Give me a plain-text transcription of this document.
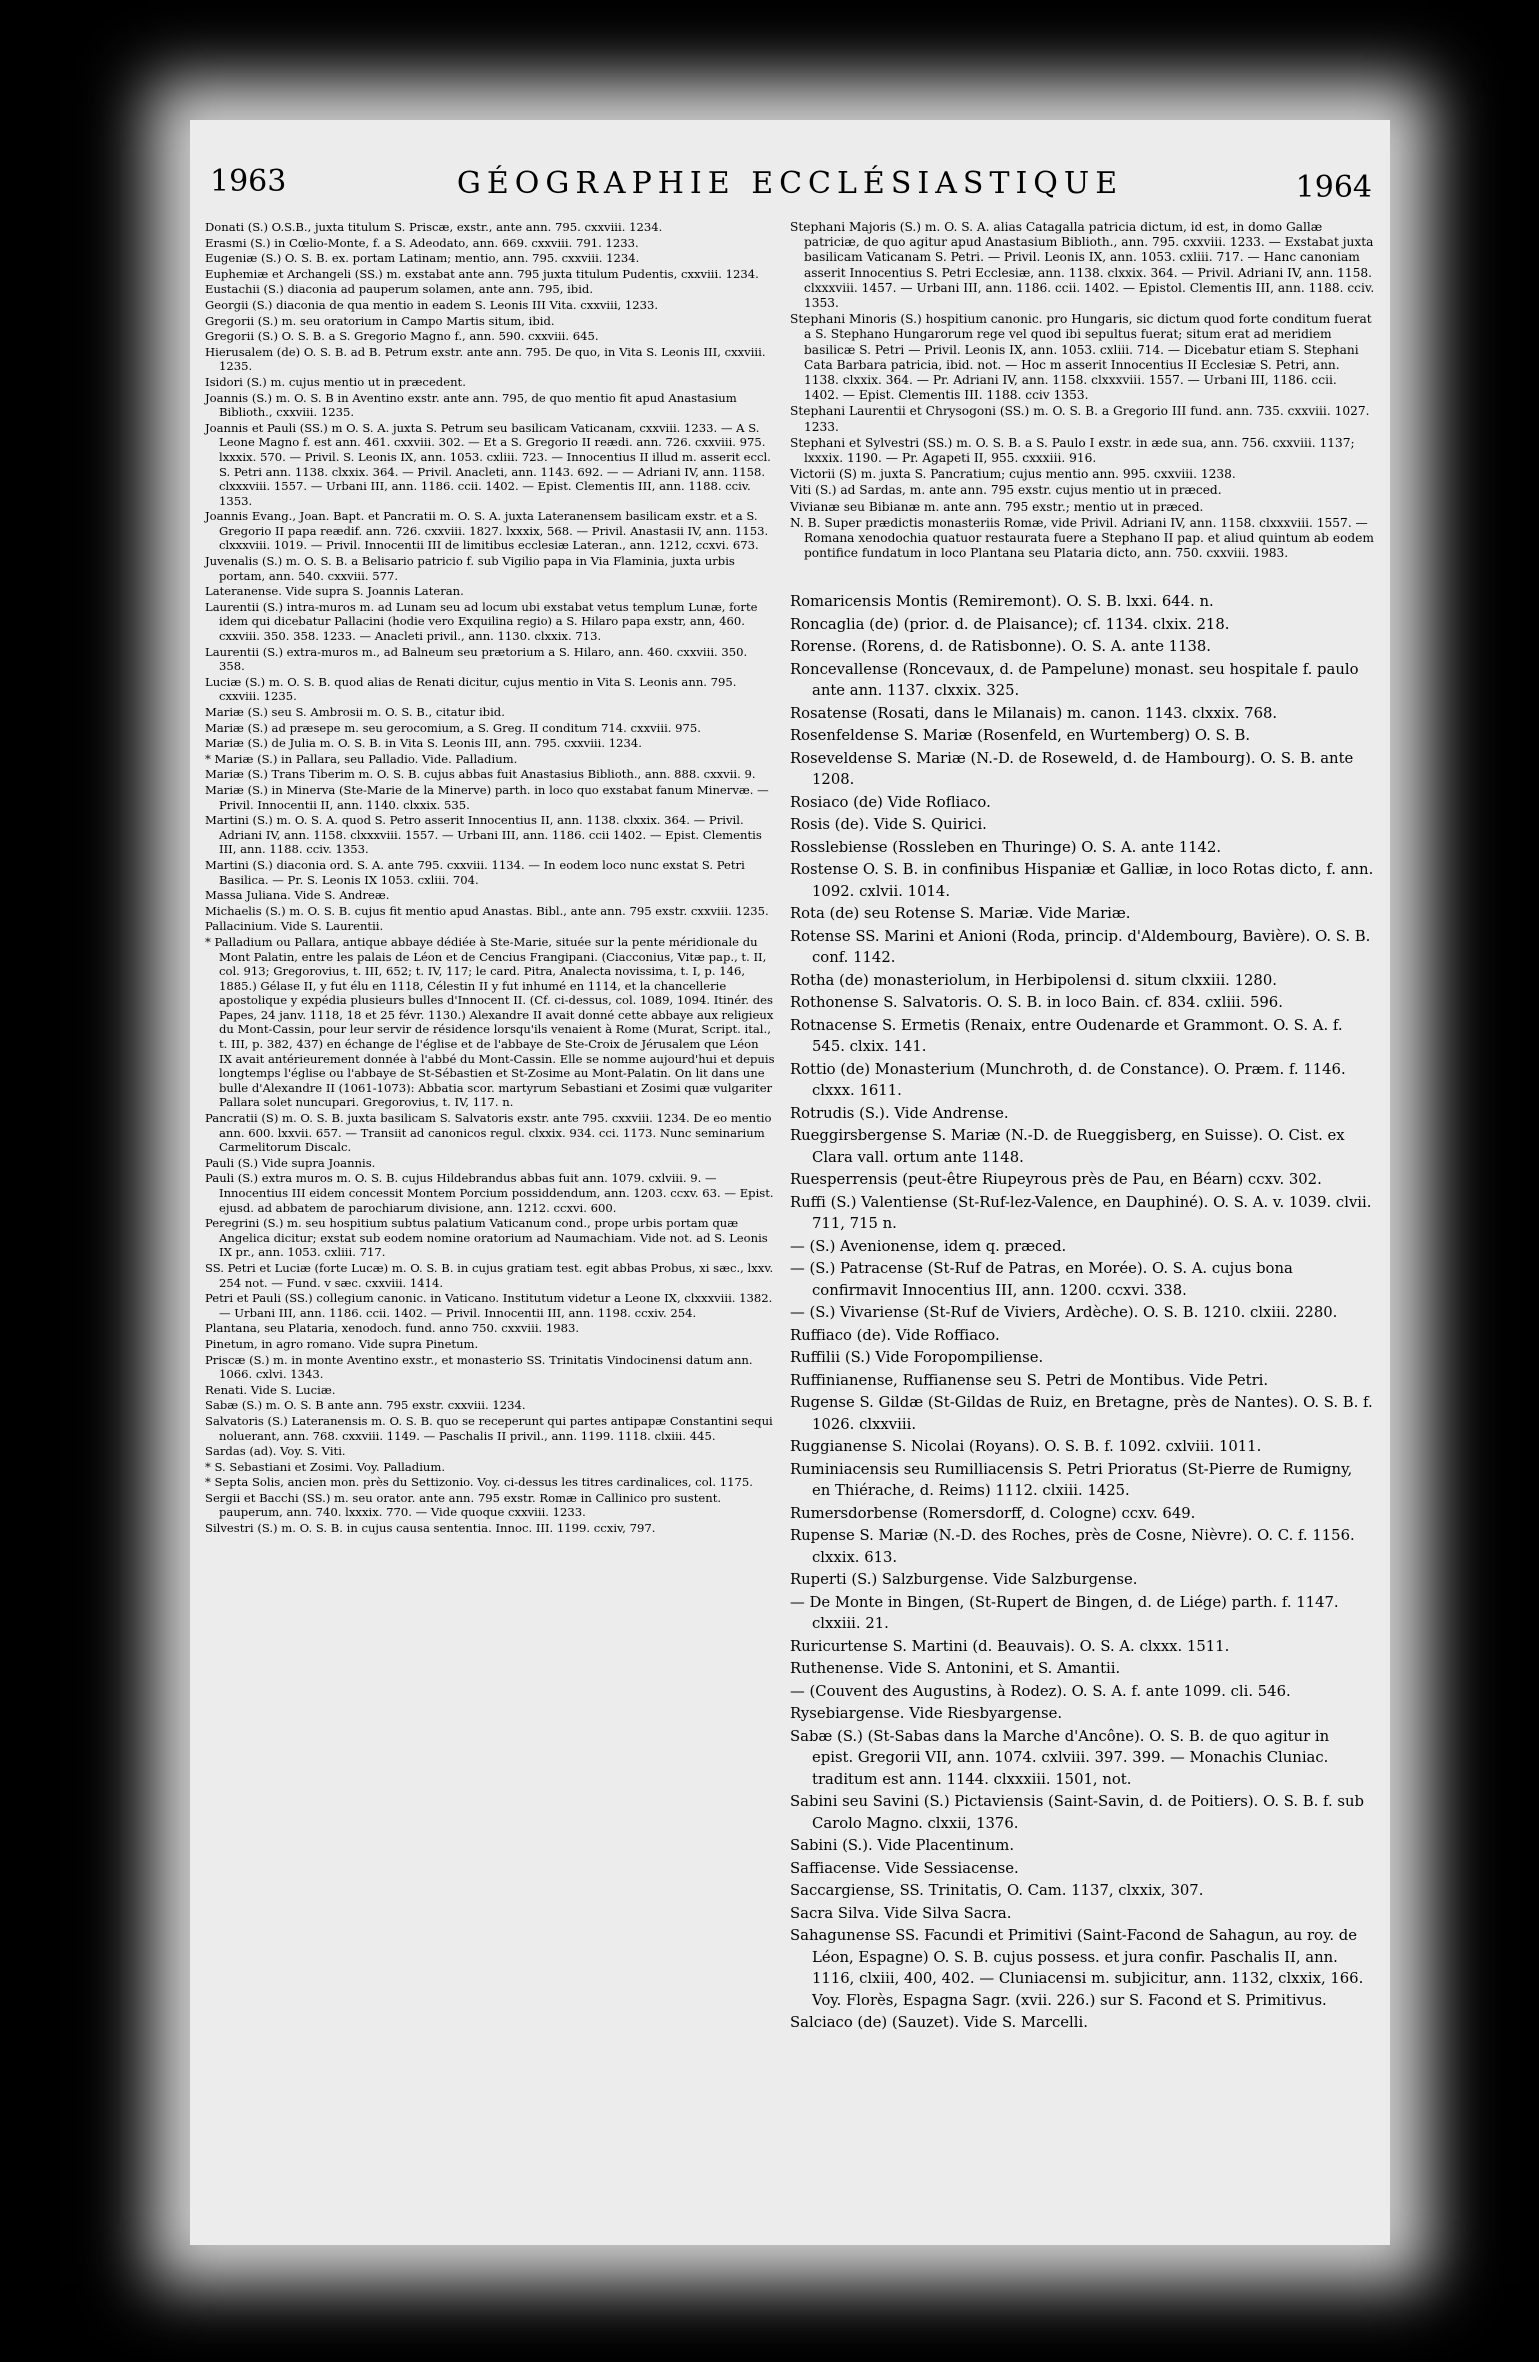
1963	GÉOGRAPHIE ECCLÉSIASTIQUE	1964
Donati (S.) O.S.B., juxta titulum S. Priscæ, exstr., ante ann. 795. cxxviii. 1234.
Erasmi (S.) in Cœlio-Monte, f. a S. Adeodato, ann. 669. cxxviii. 791. 1233.
Eugeniæ (S.) O. S. B. ex. portam Latinam; mentio, ann. 795. cxxviii. 1234.
Euphemiæ et Archangeli (SS.) m. exstabat ante ann. 795 juxta titulum Pudentis, cxxviii. 1234.
Eustachii (S.) diaconia ad pauperum solamen, ante ann. 795, ibid.
Georgii (S.) diaconia de qua mentio in eadem S. Leonis III Vita. cxxviii, 1233.
Gregorii (S.) m. seu oratorium in Campo Martis situm, ibid.
Gregorii (S.) O. S. B. a S. Gregorio Magno f., ann. 590. cxxviii. 645.
Hierusalem (de) O. S. B. ad B. Petrum exstr. ante ann. 795. De quo, in Vita S. Leonis III, cxxviii. 1235.
Isidori (S.) m. cujus mentio ut in præcedent.
Joannis (S.) m. O. S. B in Aventino exstr. ante ann. 795, de quo mentio fit apud Anastasium Biblioth., cxxviii. 1235.
Joannis et Pauli (SS.) m O. S. A. juxta S. Petrum seu basilicam Vaticanam, cxxviii. 1233. — A S. Leone Magno f. est ann. 461. cxxviii. 302. — Et a S. Gregorio II reædi. ann. 726. cxxviii. 975. lxxxix. 570. — Privil. S. Leonis IX, ann. 1053. cxliii. 723. — Innocentius II illud m. asserit eccl. S. Petri ann. 1138. clxxix. 364. — Privil. Anacleti, ann. 1143. 692. — — Adriani IV, ann. 1158. clxxxviii. 1557. — Urbani III, ann. 1186. ccii. 1402. — Epist. Clementis III, ann. 1188. cciv. 1353.
Joannis Evang., Joan. Bapt. et Pancratii m. O. S. A. juxta Lateranensem basilicam exstr. et a S. Gregorio II papa reædif. ann. 726. cxxviii. 1827. lxxxix, 568. — Privil. Anastasii IV, ann. 1153. clxxxviii. 1019. — Privil. Innocentii III de limitibus ecclesiæ Lateran., ann. 1212, ccxvi. 673.
Juvenalis (S.) m. O. S. B. a Belisario patricio f. sub Vigilio papa in Via Flaminia, juxta urbis portam, ann. 540. cxxviii. 577.
Lateranense. Vide supra S. Joannis Lateran.
Laurentii (S.) intra-muros m. ad Lunam seu ad locum ubi exstabat vetus templum Lunæ, forte idem qui dicebatur Pallacini (hodie vero Exquilina regio) a S. Hilaro papa exstr, ann, 460. cxxviii. 350. 358. 1233. — Anacleti privil., ann. 1130. clxxix. 713.
Laurentii (S.) extra-muros m., ad Balneum seu prætorium a S. Hilaro, ann. 460. cxxviii. 350. 358.
Luciæ (S.) m. O. S. B. quod alias de Renati dicitur, cujus mentio in Vita S. Leonis ann. 795. cxxviii. 1235.
Mariæ (S.) seu S. Ambrosii m. O. S. B., citatur ibid.
Mariæ (S.) ad præsepe m. seu gerocomium, a S. Greg. II conditum 714. cxxviii. 975.
Mariæ (S.) de Julia m. O. S. B. in Vita S. Leonis III, ann. 795. cxxviii. 1234.
* Mariæ (S.) in Pallara, seu Palladio. Vide. Palladium.
Mariæ (S.) Trans Tiberim m. O. S. B. cujus abbas fuit Anastasius Biblioth., ann. 888. cxxvii. 9.
Mariæ (S.) in Minerva (Ste-Marie de la Minerve) parth. in loco quo exstabat fanum Minervæ. — Privil. Innocentii II, ann. 1140. clxxix. 535.
Martini (S.) m. O. S. A. quod S. Petro asserit Innocentius II, ann. 1138. clxxix. 364. — Privil. Adriani IV, ann. 1158. clxxxviii. 1557. — Urbani III, ann. 1186. ccii 1402. — Epist. Clementis III, ann. 1188. cciv. 1353.
Martini (S.) diaconia ord. S. A. ante 795. cxxviii. 1134. — In eodem loco nunc exstat S. Petri Basilica. — Pr. S. Leonis IX 1053. cxliii. 704.
Massa Juliana. Vide S. Andreæ.
Michaelis (S.) m. O. S. B. cujus fit mentio apud Anastas. Bibl., ante ann. 795 exstr. cxxviii. 1235.
Pallacinium. Vide S. Laurentii.
* Palladium ou Pallara, antique abbaye dédiée à Ste-Marie, située sur la pente méridionale du Mont Palatin, entre les palais de Léon et de Cencius Frangipani. (Ciacconius, Vitæ pap., t. II, col. 913; Gregorovius, t. III, 652; t. IV, 117; le card. Pitra, Analecta novissima, t. I, p. 146, 1885.) Gélase II, y fut élu en 1118, Célestin II y fut inhumé en 1114, et la chancellerie apostolique y expédia plusieurs bulles d'Innocent II. (Cf. ci-dessus, col. 1089, 1094. Itinér. des Papes, 24 janv. 1118, 18 et 25 févr. 1130.) Alexandre II avait donné cette abbaye aux religieux du Mont-Cassin, pour leur servir de résidence lorsqu'ils venaient à Rome (Murat, Script. ital., t. III, p. 382, 437) en échange de l'église et de l'abbaye de Ste-Croix de Jérusalem que Léon IX avait antérieurement donnée à l'abbé du Mont-Cassin. Elle se nomme aujourd'hui et depuis longtemps l'église ou l'abbaye de St-Sébastien et St-Zosime au Mont-Palatin. On lit dans une bulle d'Alexandre II (1061-1073): Abbatia scor. martyrum Sebastiani et Zosimi quæ vulgariter Pallara solet nuncupari. Gregorovius, t. IV, 117. n.
Pancratii (S) m. O. S. B. juxta basilicam S. Salvatoris exstr. ante 795. cxxviii. 1234. De eo mentio ann. 600. lxxvii. 657. — Transiit ad canonicos regul. clxxix. 934. cci. 1173. Nunc seminarium Carmelitorum Discalc.
Pauli (S.) Vide supra Joannis.
Pauli (S.) extra muros m. O. S. B. cujus Hildebrandus abbas fuit ann. 1079. cxlviii. 9. — Innocentius III eidem concessit Montem Porcium possiddendum, ann. 1203. ccxv. 63. — Epist. ejusd. ad abbatem de parochiarum divisione, ann. 1212. ccxvi. 600.
Peregrini (S.) m. seu hospitium subtus palatium Vaticanum cond., prope urbis portam quæ Angelica dicitur; exstat sub eodem nomine oratorium ad Naumachiam. Vide not. ad S. Leonis IX pr., ann. 1053. cxliii. 717.
SS. Petri et Luciæ (forte Lucæ) m. O. S. B. in cujus gratiam test. egit abbas Probus, xi sæc., lxxv. 254 not. — Fund. v sæc. cxxviii. 1414.
Petri et Pauli (SS.) collegium canonic. in Vaticano. Institutum videtur a Leone IX, clxxxviii. 1382. — Urbani III, ann. 1186. ccii. 1402. — Privil. Innocentii III, ann. 1198. ccxiv. 254.
Plantana, seu Plataria, xenodoch. fund. anno 750. cxxviii. 1983.
Pinetum, in agro romano. Vide supra Pinetum.
Priscæ (S.) m. in monte Aventino exstr., et monasterio SS. Trinitatis Vindocinensi datum ann. 1066. cxlvi. 1343.
Renati. Vide S. Luciæ.
Sabæ (S.) m. O. S. B ante ann. 795 exstr. cxxviii. 1234.
Salvatoris (S.) Lateranensis m. O. S. B. quo se receperunt qui partes antipapæ Constantini sequi noluerant, ann. 768. cxxviii. 1149. — Paschalis II privil., ann. 1199. 1118. clxiii. 445.
Sardas (ad). Voy. S. Viti.
* S. Sebastiani et Zosimi. Voy. Palladium.
* Septa Solis, ancien mon. près du Settizonio. Voy. ci-dessus les titres cardinalices, col. 1175.
Sergii et Bacchi (SS.) m. seu orator. ante ann. 795 exstr. Romæ in Callinico pro sustent. pauperum, ann. 740. lxxxix. 770. — Vide quoque cxxviii. 1233.
Silvestri (S.) m. O. S. B. in cujus causa sententia. Innoc. III. 1199. ccxiv, 797.
Stephani Majoris (S.) m. O. S. A. alias Catagalla patricia dictum, id est, in domo Gallæ patriciæ, de quo agitur apud Anastasium Biblioth., ann. 795. cxxviii. 1233. — Exstabat juxta basilicam Vaticanam S. Petri. — Privil. Leonis IX, ann. 1053. cxliii. 717. — Hanc canoniam asserit Innocentius S. Petri Ecclesiæ, ann. 1138. clxxix. 364. — Privil. Adriani IV, ann. 1158. clxxxviii. 1457. — Urbani III, ann. 1186. ccii. 1402. — Epistol. Clementis III, ann. 1188. cciv. 1353.
Stephani Minoris (S.) hospitium canonic. pro Hungaris, sic dictum quod forte conditum fuerat a S. Stephano Hungarorum rege vel quod ibi sepultus fuerat; situm erat ad meridiem basilicæ S. Petri — Privil. Leonis IX, ann. 1053. cxliii. 714. — Dicebatur etiam S. Stephani Cata Barbara patricia, ibid. not. — Hoc m asserit Innocentius II Ecclesiæ S. Petri, ann. 1138. clxxix. 364. — Pr. Adriani IV, ann. 1158. clxxxviii. 1557. — Urbani III, 1186. ccii. 1402. — Epist. Clementis III. 1188. cciv 1353.
Stephani Laurentii et Chrysogoni (SS.) m. O. S. B. a Gregorio III fund. ann. 735. cxxviii. 1027. 1233.
Stephani et Sylvestri (SS.) m. O. S. B. a S. Paulo I exstr. in æde sua, ann. 756. cxxviii. 1137; lxxxix. 1190. — Pr. Agapeti II, 955. cxxxiii. 916.
Victorii (S) m. juxta S. Pancratium; cujus mentio ann. 995. cxxviii. 1238.
Viti (S.) ad Sardas, m. ante ann. 795 exstr. cujus mentio ut in præced.
Vivianæ seu Bibianæ m. ante ann. 795 exstr.; mentio ut in præced.
N. B. Super prædictis monasteriis Romæ, vide Privil. Adriani IV, ann. 1158. clxxxviii. 1557. — Romana xenodochia quatuor restaurata fuere a Stephano II pap. et aliud quintum ab eodem pontifice fundatum in loco Plantana seu Plataria dicto, ann. 750. cxxviii. 1983.
Romaricensis Montis (Remiremont). O. S. B. lxxi. 644. n.
Roncaglia (de) (prior. d. de Plaisance); cf. 1134. clxix. 218.
Rorense. (Rorens, d. de Ratisbonne). O. S. A. ante 1138.
Roncevallense (Roncevaux, d. de Pampelune) monast. seu hospitale f. paulo ante ann. 1137. clxxix. 325.
Rosatense (Rosati, dans le Milanais) m. canon. 1143. clxxix. 768.
Rosenfeldense S. Mariæ (Rosenfeld, en Wurtemberg) O. S. B.
Roseveldense S. Mariæ (N.-D. de Roseweld, d. de Hambourg). O. S. B. ante 1208.
Rosiaco (de) Vide Rofliaco.
Rosis (de). Vide S. Quirici.
Rosslebiense (Rossleben en Thuringe) O. S. A. ante 1142.
Rostense O. S. B. in confinibus Hispaniæ et Galliæ, in loco Rotas dicto, f. ann. 1092. cxlvii. 1014.
Rota (de) seu Rotense S. Mariæ. Vide Mariæ.
Rotense SS. Marini et Anioni (Roda, princip. d'Aldembourg, Bavière). O. S. B. conf. 1142.
Rotha (de) monasteriolum, in Herbipolensi d. situm clxxiii. 1280.
Rothonense S. Salvatoris. O. S. B. in loco Bain. cf. 834. cxliii. 596.
Rotnacense S. Ermetis (Renaix, entre Oudenarde et Grammont. O. S. A. f. 545. clxix. 141.
Rottio (de) Monasterium (Munchroth, d. de Constance). O. Præm. f. 1146. clxxx. 1611.
Rotrudis (S.). Vide Andrense.
Rueggirsbergense S. Mariæ (N.-D. de Rueggisberg, en Suisse). O. Cist. ex Clara vall. ortum ante 1148.
Ruesperrensis (peut-être Riupeyrous près de Pau, en Béarn) ccxv. 302.
Ruffi (S.) Valentiense (St-Ruf-lez-Valence, en Dauphiné). O. S. A. v. 1039. clvii. 711, 715 n.
— (S.) Avenionense, idem q. præced.
— (S.) Patracense (St-Ruf de Patras, en Morée). O. S. A. cujus bona confirmavit Innocentius III, ann. 1200. ccxvi. 338.
— (S.) Vivariense (St-Ruf de Viviers, Ardèche). O. S. B. 1210. clxiii. 2280.
Ruffiaco (de). Vide Roffiaco.
Ruffilii (S.) Vide Foropompiliense.
Ruffinianense, Ruffianense seu S. Petri de Montibus. Vide Petri.
Rugense S. Gildæ (St-Gildas de Ruiz, en Bretagne, près de Nantes). O. S. B. f. 1026. clxxviii.
Ruggianense S. Nicolai (Royans). O. S. B. f. 1092. cxlviii. 1011.
Ruminiacensis seu Rumilliacensis S. Petri Prioratus (St-Pierre de Rumigny, en Thiérache, d. Reims) 1112. clxiii. 1425.
Rumersdorbense (Romersdorff, d. Cologne) ccxv. 649.
Rupense S. Mariæ (N.-D. des Roches, près de Cosne, Nièvre). O. C. f. 1156. clxxix. 613.
Ruperti (S.) Salzburgense. Vide Salzburgense.
— De Monte in Bingen, (St-Rupert de Bingen, d. de Liége) parth. f. 1147. clxxiii. 21.
Ruricurtense S. Martini (d. Beauvais). O. S. A. clxxx. 1511.
Ruthenense. Vide S. Antonini, et S. Amantii.
— (Couvent des Augustins, à Rodez). O. S. A. f. ante 1099. cli. 546.
Rysebiargense. Vide Riesbyargense.
Sabæ (S.) (St-Sabas dans la Marche d'Ancône). O. S. B. de quo agitur in epist. Gregorii VII, ann. 1074. cxlviii. 397. 399. — Monachis Cluniac. traditum est ann. 1144. clxxxiii. 1501, not.
Sabini seu Savini (S.) Pictaviensis (Saint-Savin, d. de Poitiers). O. S. B. f. sub Carolo Magno. clxxii, 1376.
Sabini (S.). Vide Placentinum.
Saffiacense. Vide Sessiacense.
Saccargiense, SS. Trinitatis, O. Cam. 1137, clxxix, 307.
Sacra Silva. Vide Silva Sacra.
Sahagunense SS. Facundi et Primitivi (Saint-Facond de Sahagun, au roy. de Léon, Espagne) O. S. B. cujus possess. et jura confir. Paschalis II, ann. 1116, clxiii, 400, 402. — Cluniacensi m. subjicitur, ann. 1132, clxxix, 166. Voy. Florès, Espagna Sagr. (xvii. 226.) sur S. Facond et S. Primitivus.
Salciaco (de) (Sauzet). Vide S. Marcelli.
